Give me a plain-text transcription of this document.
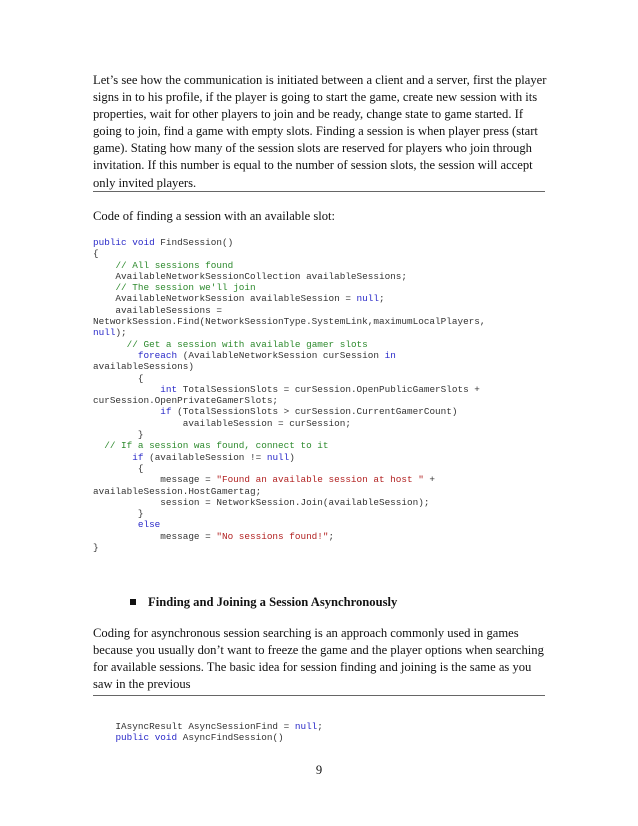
Let’s see how the communication is initiated between a client and a server, first the player signs in to his profile, if the player is going to start the game, create new session with its properties, wait for other players to join and be ready, change state to game started. If going to join, find a game with empty slots. Finding a session is when player press (start game). Stating how many of the session slots are reserved for players who join through invitation. If this number is equal to the number of session slots, the session will accept only invited players.

Code of finding a session with an available slot:

public void FindSession()
{
// All sessions found
AvailableNetworkSessionCollection availableSessions;
// The session we'll join
AvailableNetworkSession availableSession = null;
availableSessions =
NetworkSession.Find(NetworkSessionType.SystemLink,maximumLocalPlayers,
null);
// Get a session with available gamer slots
foreach (AvailableNetworkSession curSession in
availableSessions)
{
int TotalSessionSlots = curSession.OpenPublicGamerSlots +
curSession.OpenPrivateGamerSlots;
if (TotalSessionSlots > curSession.CurrentGamerCount)
availableSession = curSession;
}
// If a session was found, connect to it
if (availableSession != null)
{
message = "Found an available session at host " +
availableSession.HostGamertag;
session = NetworkSession.Join(availableSession);
}
else
message = "No sessions found!";
}
Finding and Joining a Session Asynchronously

Coding for asynchronous session searching is an approach commonly used in games because you usually don’t want to freeze the game and the player options when searching for available sessions. The basic idea for session finding and joining is the same as you saw in the previous

IAsyncResult AsyncSessionFind = null;
public void AsyncFindSession()
9
